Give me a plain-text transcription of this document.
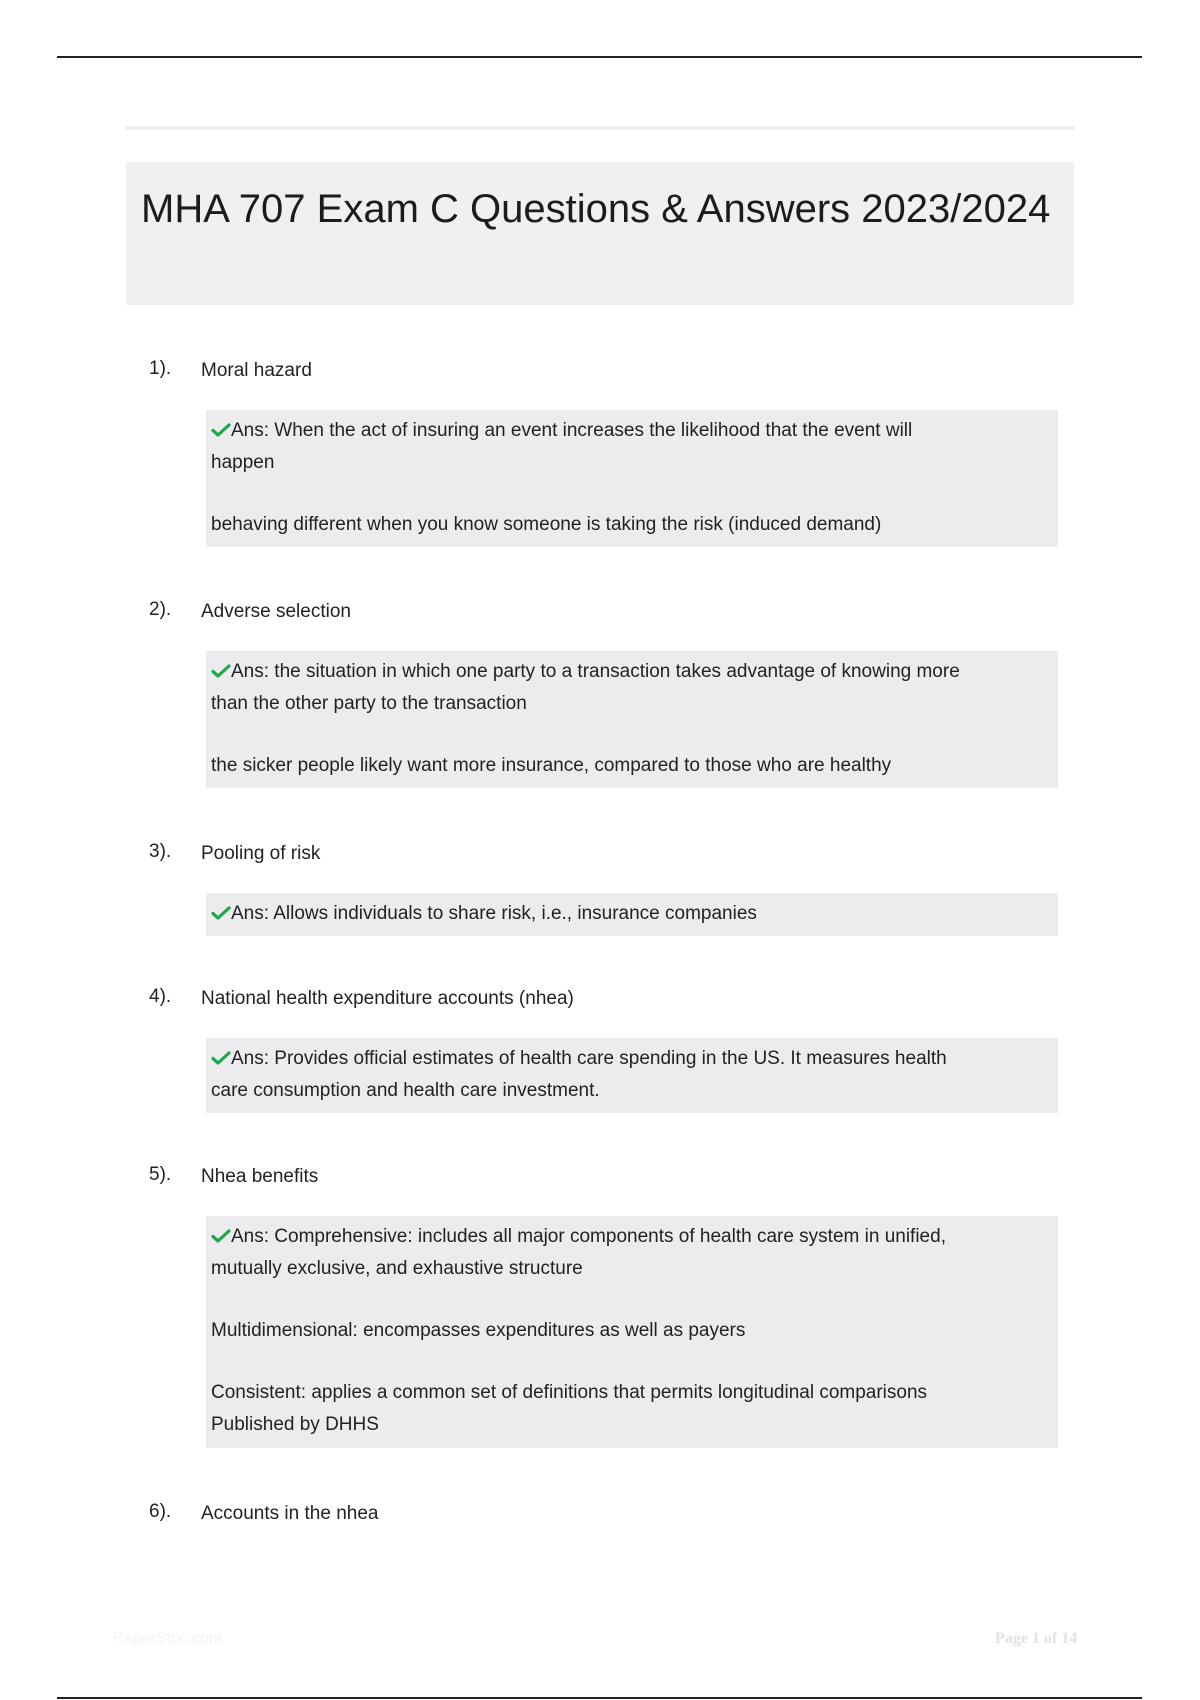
MHA 707 Exam C Questions & Answers 2023/2024
1). Moral hazard
Ans: When the act of insuring an event increases the likelihood that the event will
happen
behaving different when you know someone is taking the risk (induced demand)
2). Adverse selection
Ans: the situation in which one party to a transaction takes advantage of knowing more
than the other party to the transaction
the sicker people likely want more insurance, compared to those who are healthy
3). Pooling of risk
Ans: Allows individuals to share risk, i.e., insurance companies
4). National health expenditure accounts (nhea)
Ans: Provides official estimates of health care spending in the US. It measures health
care consumption and health care investment.
5). Nhea benefits
Ans: Comprehensive: includes all major components of health care system in unified,
mutually exclusive, and exhaustive structure
Multidimensional: encompasses expenditures as well as payers
Consistent: applies a common set of definitions that permits longitudinal comparisons
Published by DHHS
6). Accounts in the nhea
PaperStoc.com	Page 1 of 14
